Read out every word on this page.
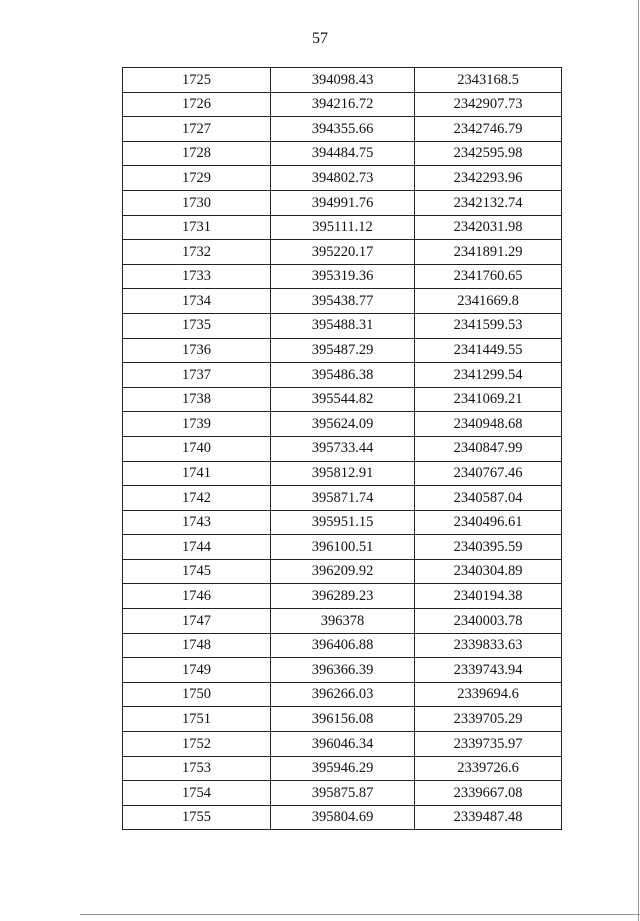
57
1725	394098.43	2343168.5
1726	394216.72	2342907.73
1727	394355.66	2342746.79
1728	394484.75	2342595.98
1729	394802.73	2342293.96
1730	394991.76	2342132.74
1731	395111.12	2342031.98
1732	395220.17	2341891.29
1733	395319.36	2341760.65
1734	395438.77	2341669.8
1735	395488.31	2341599.53
1736	395487.29	2341449.55
1737	395486.38	2341299.54
1738	395544.82	2341069.21
1739	395624.09	2340948.68
1740	395733.44	2340847.99
1741	395812.91	2340767.46
1742	395871.74	2340587.04
1743	395951.15	2340496.61
1744	396100.51	2340395.59
1745	396209.92	2340304.89
1746	396289.23	2340194.38
1747	396378	2340003.78
1748	396406.88	2339833.63
1749	396366.39	2339743.94
1750	396266.03	2339694.6
1751	396156.08	2339705.29
1752	396046.34	2339735.97
1753	395946.29	2339726.6
1754	395875.87	2339667.08
1755	395804.69	2339487.48
